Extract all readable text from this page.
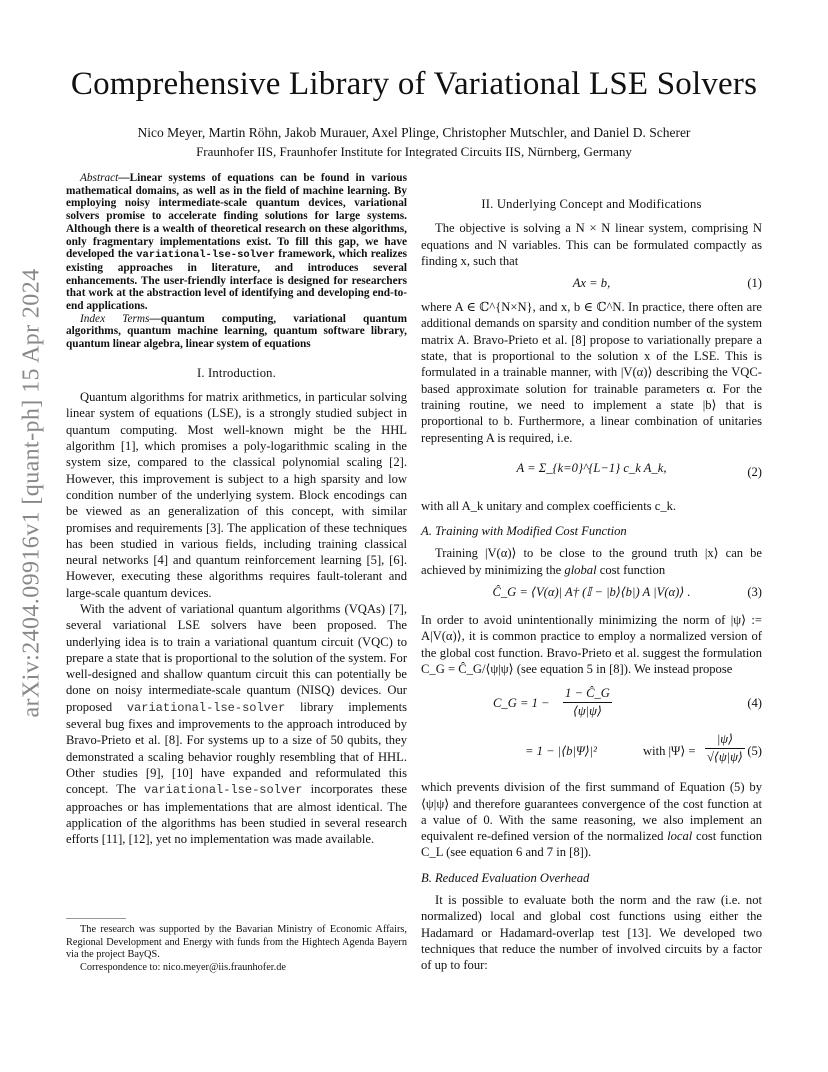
arXiv:2404.09916v1 [quant-ph] 15 Apr 2024
Comprehensive Library of Variational LSE Solvers
Nico Meyer, Martin Röhn, Jakob Murauer, Axel Plinge, Christopher Mutschler, and Daniel D. Scherer
Fraunhofer IIS, Fraunhofer Institute for Integrated Circuits IIS, Nürnberg, Germany

Abstract—Linear systems of equations can be found in various mathematical domains, as well as in the field of machine learning. By employing noisy intermediate-scale quantum devices, variational solvers promise to accelerate finding solutions for large systems. Although there is a wealth of theoretical research on these algorithms, only fragmentary implementations exist. To fill this gap, we have developed the variational-lse-solver framework, which realizes existing approaches in literature, and introduces several enhancements. The user-friendly interface is designed for researchers that work at the abstraction level of identifying and developing end-to-end applications.

Index Terms—quantum computing, variational quantum algorithms, quantum machine learning, quantum software library, quantum linear algebra, linear system of equations

I. Introduction.

Quantum algorithms for matrix arithmetics, in particular solving linear system of equations (LSE), is a strongly studied subject in quantum computing. Most well-known might be the HHL algorithm [1], which promises a poly-logarithmic scaling in the system size, compared to the classical polynomial scaling [2]. However, this improvement is subject to a high sparsity and low condition number of the underlying system. Block encodings can be viewed as an generalization of this concept, with similar promises and requirements [3]. The application of these techniques has been studied in various fields, including training classical neural networks [4] and quantum reinforcement learning [5], [6]. However, executing these algorithms requires fault-tolerant and large-scale quantum devices.

With the advent of variational quantum algorithms (VQAs) [7], several variational LSE solvers have been proposed. The underlying idea is to train a variational quantum circuit (VQC) to prepare a state that is proportional to the solution of the system. For well-designed and shallow quantum circuit this can potentially be done on noisy intermediate-scale quantum (NISQ) devices. Our proposed variational-lse-solver library implements several bug fixes and improvements to the approach introduced by Bravo-Prieto et al. [8]. For systems up to a size of 50 qubits, they demonstrated a scaling behavior roughly resembling that of HHL. Other studies [9], [10] have expanded and reformulated this concept. The variational-lse-solver incorporates these approaches or has implementations that are almost identical. The application of the algorithms has been studied in several research efforts [11], [12], yet no implementation was made available.

The research was supported by the Bavarian Ministry of Economic Affairs, Regional Development and Energy with funds from the Hightech Agenda Bayern via the project BayQS.

Correspondence to: nico.meyer@iis.fraunhofer.de

II. Underlying Concept and Modifications

The objective is solving a N × N linear system, comprising N equations and N variables. This can be formulated compactly as finding x, such that

Ax = b,	(1)

where A ∈ ℂ^{N×N}, and x, b ∈ ℂ^N. In practice, there often are additional demands on sparsity and condition number of the system matrix A. Bravo-Prieto et al. [8] propose to variationally prepare a state, that is proportional to the solution x of the LSE. This is formulated in a trainable manner, with |V(α)⟩ describing the VQC-based approximate solution for trainable parameters α. For the training routine, we need to implement a state |b⟩ that is proportional to b. Furthermore, a linear combination of unitaries representing A is required, i.e.

A = Σ_{k=0}^{L−1} c_k A_k,	(2)

with all A_k unitary and complex coefficients c_k.

A. Training with Modified Cost Function

Training |V(α)⟩ to be close to the ground truth |x⟩ can be achieved by minimizing the global cost function

Ĉ_G = ⟨V(α)| A† (𝕀 − |b⟩⟨b|) A |V(α)⟩ .	(3)

In order to avoid unintentionally minimizing the norm of |ψ⟩ := A|V(α)⟩, it is common practice to employ a normalized version of the global cost function. Bravo-Prieto et al. suggest the formulation C_G = Ĉ_G/⟨ψ|ψ⟩ (see equation 5 in [8]). We instead propose

C_G = $1 - \frac{1 - Ĉ\_G}{⟨\psi|\psi⟩}$	(4)
= 1 − |⟨b|Ψ⟩|²	with |Ψ⟩ = $\frac{|\psi⟩}{√⟨\psi|\psi⟩} (5)$

which prevents division of the first summand of Equation (5) by ⟨ψ|ψ⟩ and therefore guarantees convergence of the cost function at a value of 0. With the same reasoning, we also implement an equivalent re-defined version of the normalized local cost function C_L (see equation 6 and 7 in [8]).

B. Reduced Evaluation Overhead

It is possible to evaluate both the norm and the raw (i.e. not normalized) local and global cost functions using either the Hadamard or Hadamard-overlap test [13]. We developed two techniques that reduce the number of involved circuits by a factor of up to four:
